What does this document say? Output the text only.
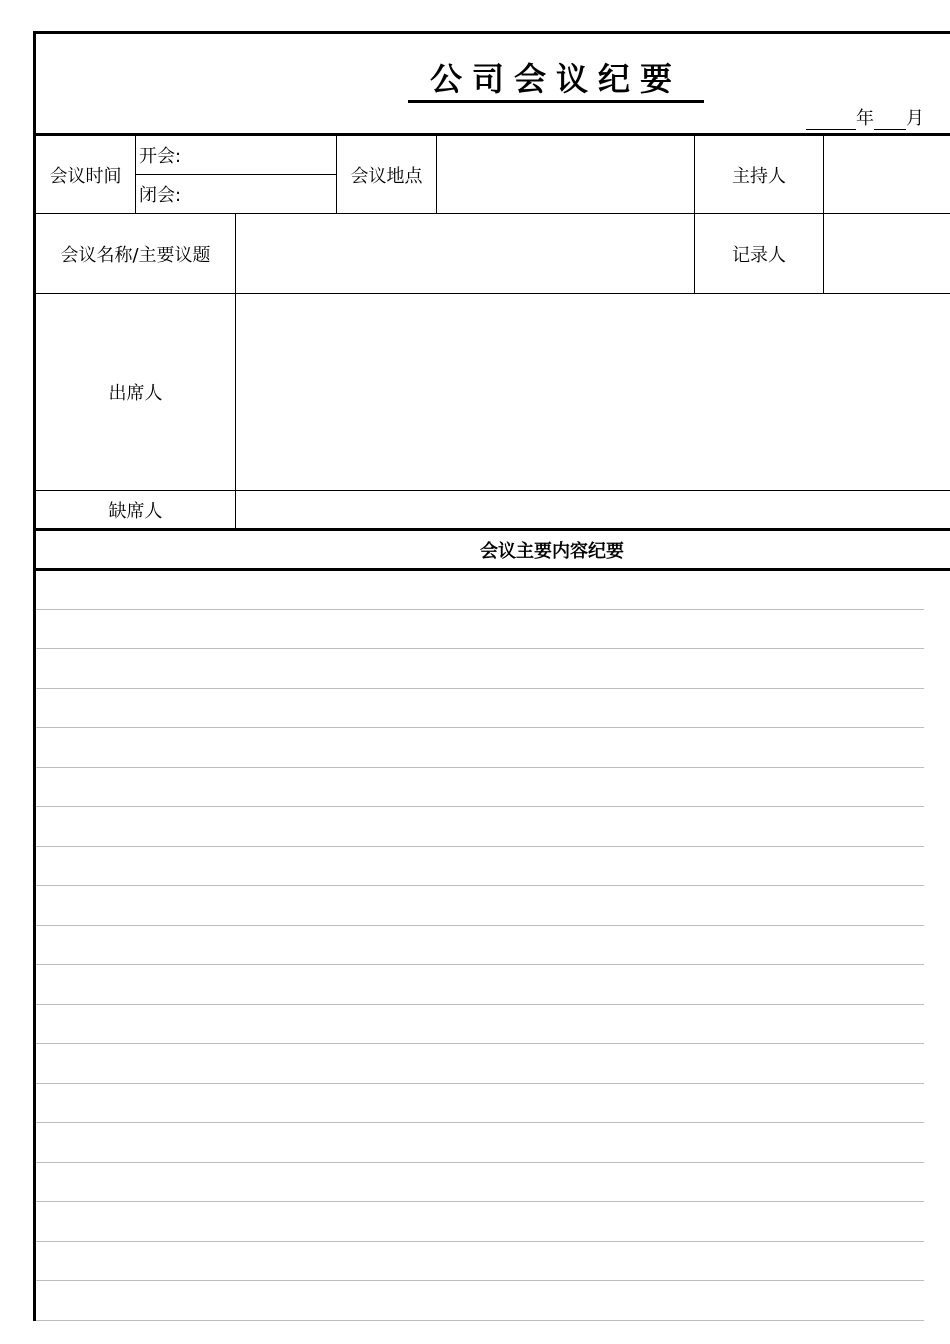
公司会议纪要
年 月
会议时间
开会:
闭会:
会议地点	主持人
会议名称/主要议题	记录人
出席人
缺席人
会议主要内容纪要
